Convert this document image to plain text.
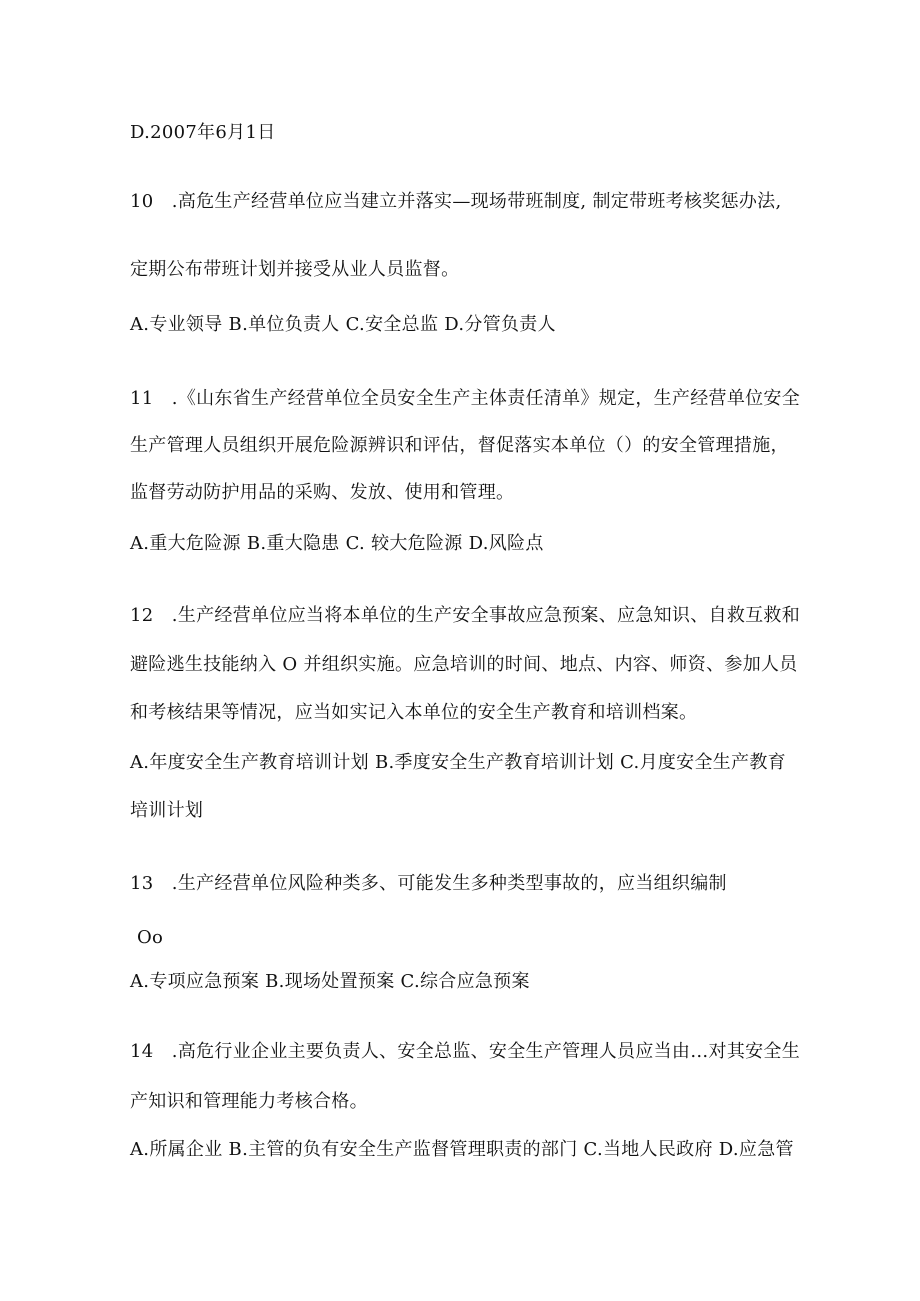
D.2007年6月1日
10　.高危生产经营单位应当建立并落实—现场带班制度, 制定带班考核奖惩办法,
定期公布带班计划并接受从业人员监督。
A.专业领导 B.单位负责人 C.安全总监 D.分管负责人
11　.《山东省生产经营单位全员安全生产主体责任清单》规定，生产经营单位安全
生产管理人员组织开展危险源辨识和评估，督促落实本单位（）的安全管理措施，
监督劳动防护用品的采购、发放、使用和管理。
A.重大危险源 B.重大隐患 C. 较大危险源 D.风险点
12　.生产经营单位应当将本单位的生产安全事故应急预案、应急知识、自救互救和
避险逃生技能纳入 O 并组织实施。应急培训的时间、地点、内容、师资、参加人员
和考核结果等情况，应当如实记入本单位的安全生产教育和培训档案。
A.年度安全生产教育培训计划 B.季度安全生产教育培训计划 C.月度安全生产教育
培训计划
13　.生产经营单位风险种类多、可能发生多种类型事故的，应当组织编制
Oo
A.专项应急预案 B.现场处置预案 C.综合应急预案
14　.高危行业企业主要负责人、安全总监、安全生产管理人员应当由…对其安全生
产知识和管理能力考核合格。
A.所属企业 B.主管的负有安全生产监督管理职责的部门 C.当地人民政府 D.应急管
